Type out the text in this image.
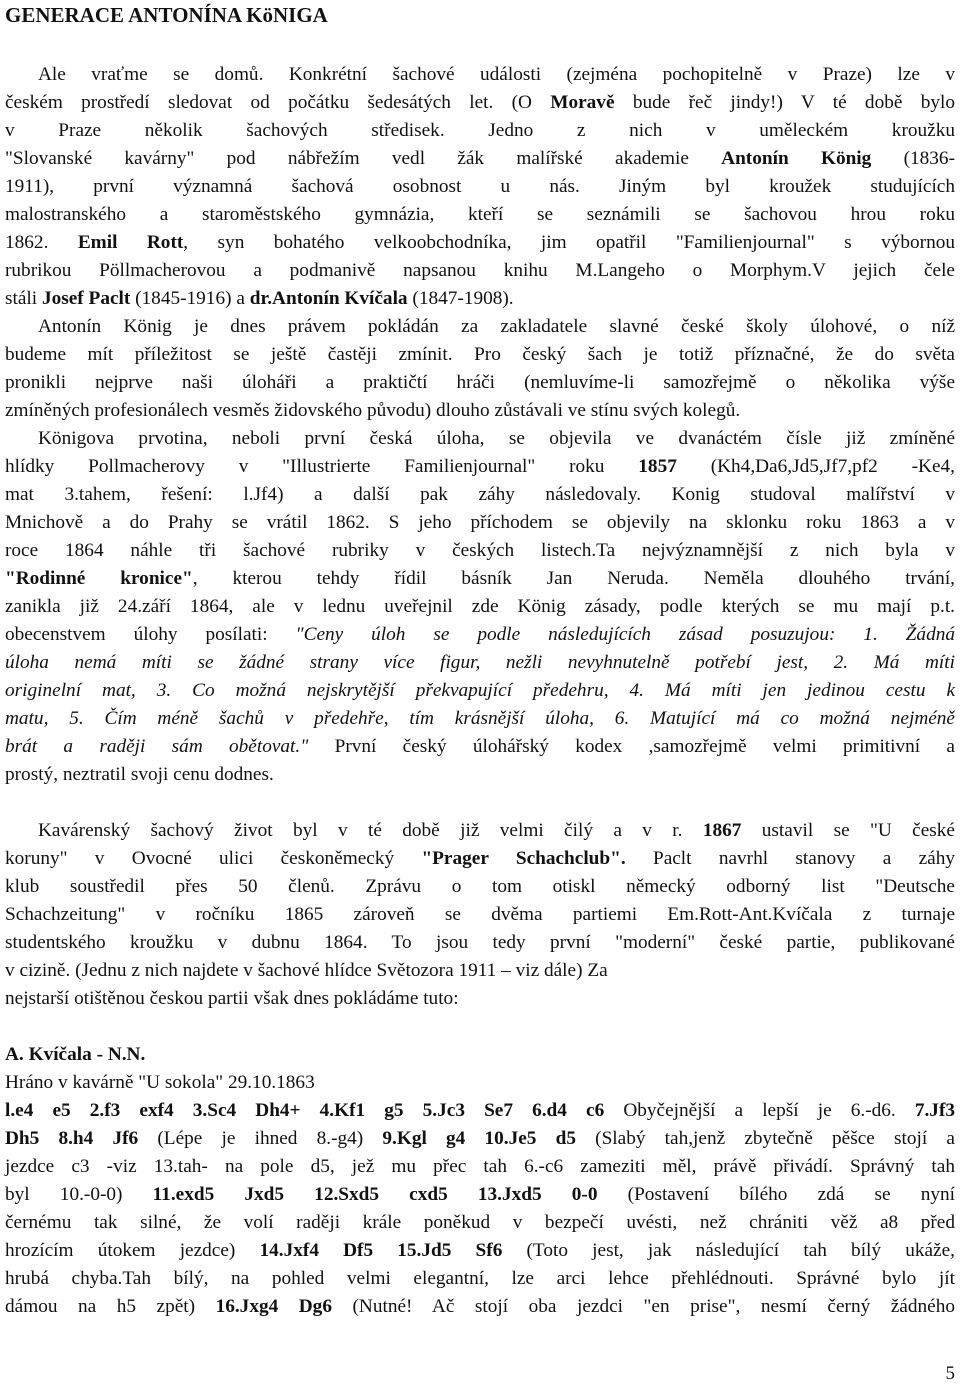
GENERACE ANTONÍNA KöNIGA
Ale vraťme se domů. Konkrétní šachové události (zejména pochopitelně v Praze) lze v
českém prostředí sledovat od počátku šedesátých let. (O Moravě bude řeč jindy!) V té době bylo
v Praze několik šachových středisek. Jedno z nich v uměleckém kroužku
"Slovanské kavárny" pod nábřežím vedl žák malířské akademie Antonín König (1836-
1911), první významná šachová osobnost u nás. Jiným byl kroužek studujících
malostranského a staroměstského gymnázia, kteří se seznámili se šachovou hrou roku
1862. Emil Rott, syn bohatého velkoobchodníka, jim opatřil "Familienjournal" s výbornou
rubrikou Pöllmacherovou a podmanivě napsanou knihu M.Langeho o Morphym.V jejich čele
stáli Josef Paclt (1845-1916) a dr.Antonín Kvíčala (1847-1908).
Antonín König je dnes právem pokládán za zakladatele slavné české školy úlohové, o níž
budeme mít příležitost se ještě častěji zmínit. Pro český šach je totiž příznačné, že do světa
pronikli nejprve naši úloháři a praktičtí hráči (nemluvíme-li samozřejmě o několika výše
zmíněných profesionálech vesměs židovského původu) dlouho zůstávali ve stínu svých kolegů.
Königova prvotina, neboli první česká úloha, se objevila ve dvanáctém čísle již zmíněné
hlídky Pollmacherovy v "Illustrierte Familienjournal" roku 1857 (Kh4,Da6,Jd5,Jf7,pf2 -Ke4,
mat 3.tahem, řešení: l.Jf4) a další pak záhy následovaly. Konig studoval malířství v
Mnichově a do Prahy se vrátil 1862. S jeho příchodem se objevily na sklonku roku 1863 a v
roce 1864 náhle tři šachové rubriky v českých listech.Ta nejvýznamnější z nich byla v
"Rodinné kronice", kterou tehdy řídil básník Jan Neruda. Neměla dlouhého trvání,
zanikla již 24.září 1864, ale v lednu uveřejnil zde König zásady, podle kterých se mu mají p.t.
obecenstvem úlohy posílati: "Ceny úloh se podle následujících zásad posuzujou: 1. Žádná
úloha nemá míti se žádné strany více figur, nežli nevyhnutelně potřebí jest, 2. Má míti
originelní mat, 3. Co možná nejskrytější překvapující předehru, 4. Má míti jen jedinou cestu k
matu, 5. Čím méně šachů v předehře, tím krásnější úloha, 6. Matující má co možná nejméně
brát a raději sám obětovat." První český úlohářský kodex ,samozřejmě velmi primitivní a
prostý, neztratil svoji cenu dodnes.
Kavárenský šachový život byl v té době již velmi čilý a v r. 1867 ustavil se "U české
koruny" v Ovocné ulici českoněmecký "Prager Schachclub". Paclt navrhl stanovy a záhy
klub soustředil přes 50 členů. Zprávu o tom otiskl německý odborný list "Deutsche
Schachzeitung" v ročníku 1865 zároveň se dvěma partiemi Em.Rott-Ant.Kvíčala z turnaje
studentského kroužku v dubnu 1864. To jsou tedy první "moderní" české partie, publikované
v cizině. (Jednu z nich najdete v šachové hlídce Světozora 1911 – viz dále) Za
nejstarší otištěnou českou partii však dnes pokládáme tuto:
A. Kvíčala - N.N.
Hráno v kavárně "U sokola" 29.10.1863
l.e4 e5 2.f3 exf4 3.Sc4 Dh4+ 4.Kf1 g5 5.Jc3 Se7 6.d4 c6 Obyčejnější a lepší je 6.-d6. 7.Jf3
Dh5 8.h4 Jf6 (Lépe je ihned 8.-g4) 9.Kgl g4 10.Je5 d5 (Slabý tah,jenž zbytečně pěšce stojí a
jezdce c3 -viz 13.tah- na pole d5, jež mu přec tah 6.-c6 zameziti měl, právě přivádí. Správný tah
byl 10.-0-0) 11.exd5 Jxd5 12.Sxd5 cxd5 13.Jxd5 0-0 (Postavení bílého zdá se nyní
černému tak silné, že volí raději krále poněkud v bezpečí uvésti, než chrániti věž a8 před
hrozícím útokem jezdce) 14.Jxf4 Df5 15.Jd5 Sf6 (Toto jest, jak následující tah bílý ukáže,
hrubá chyba.Tah bílý, na pohled velmi elegantní, lze arci lehce přehlédnouti. Správné bylo jít
dámou na h5 zpět) 16.Jxg4 Dg6 (Nutné! Ač stojí oba jezdci "en prise", nesmí černý žádného
5
